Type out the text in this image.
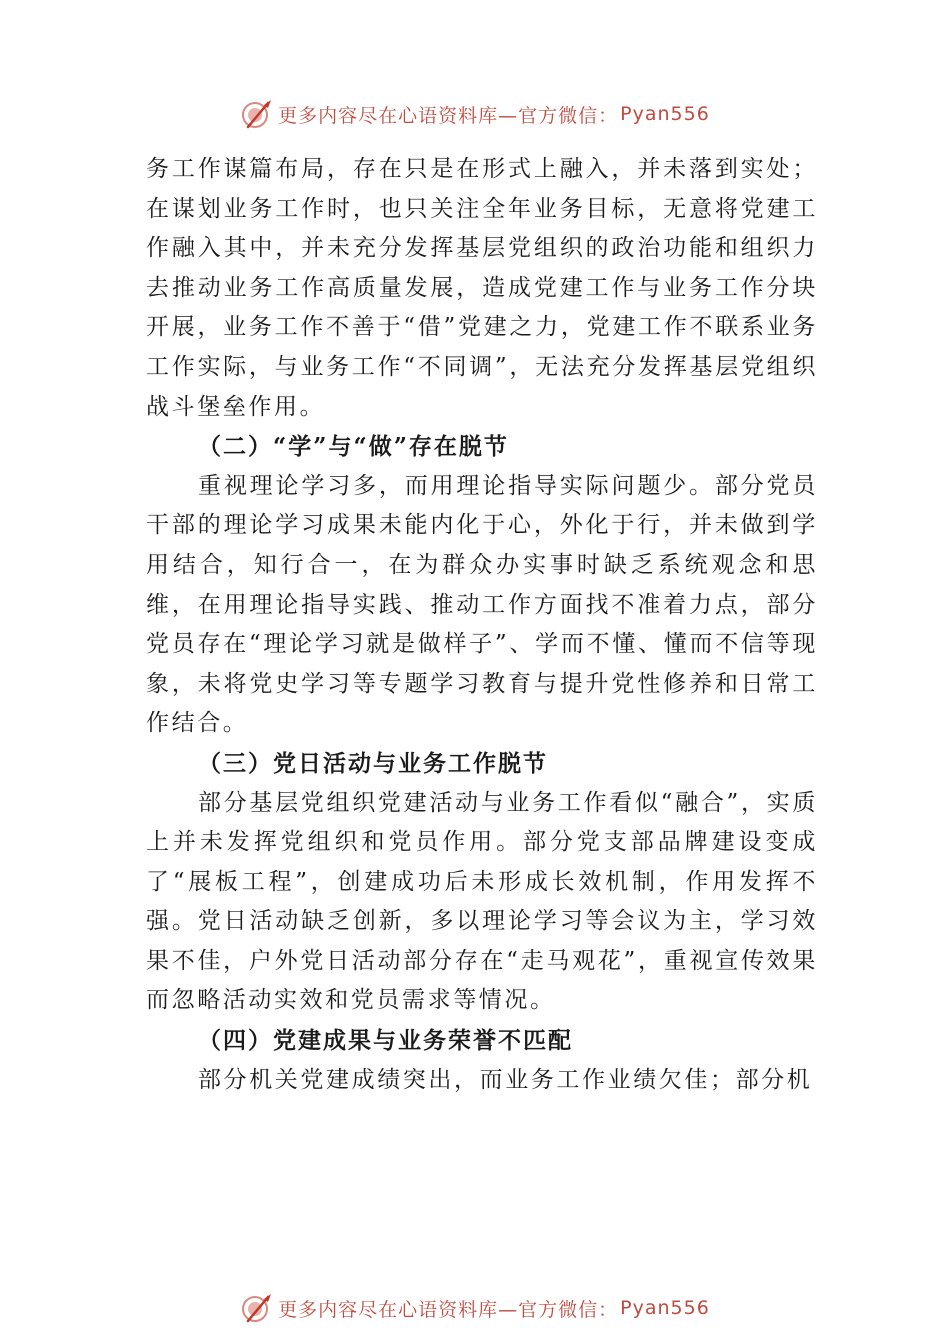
更多内容尽在心语资料库—官方微信： Pyan556

务工作谋篇布局，存在只是在形式上融入，并未落到实处； 在谋划业务工作时，也只关注全年业务目标，无意将党建工作融入其中，并未充分发挥基层党组织的政治功能和组织力去推动业务工作高质量发展，造成党建工作与业务工作分块开展，业务工作不善于“借”党建之力，党建工作不联系业务工作实际，与业务工作“不同调”，无法充分发挥基层党组织战斗堡垒作用。

（二）“学”与“做”存在脱节

重视理论学习多，而用理论指导实际问题少。部分党员干部的理论学习成果未能内化于心，外化于行，并未做到学用结合，知行合一，在为群众办实事时缺乏系统观念和思维，在用理论指导实践、推动工作方面找不准着力点，部分党员存在“理论学习就是做样子”、学而不懂、懂而不信等现象，未将党史学习等专题学习教育与提升党性修养和日常工作结合。

（三）党日活动与业务工作脱节

部分基层党组织党建活动与业务工作看似“融合”，实质上并未发挥党组织和党员作用。部分党支部品牌建设变成了“展板工程”，创建成功后未形成长效机制，作用发挥不强。党日活动缺乏创新，多以理论学习等会议为主，学习效果不佳，户外党日活动部分存在“走马观花”，重视宣传效果而忽略活动实效和党员需求等情况。

（四）党建成果与业务荣誉不匹配

部分机关党建成绩突出，而业务工作业绩欠佳；部分机

更多内容尽在心语资料库—官方微信： Pyan556
